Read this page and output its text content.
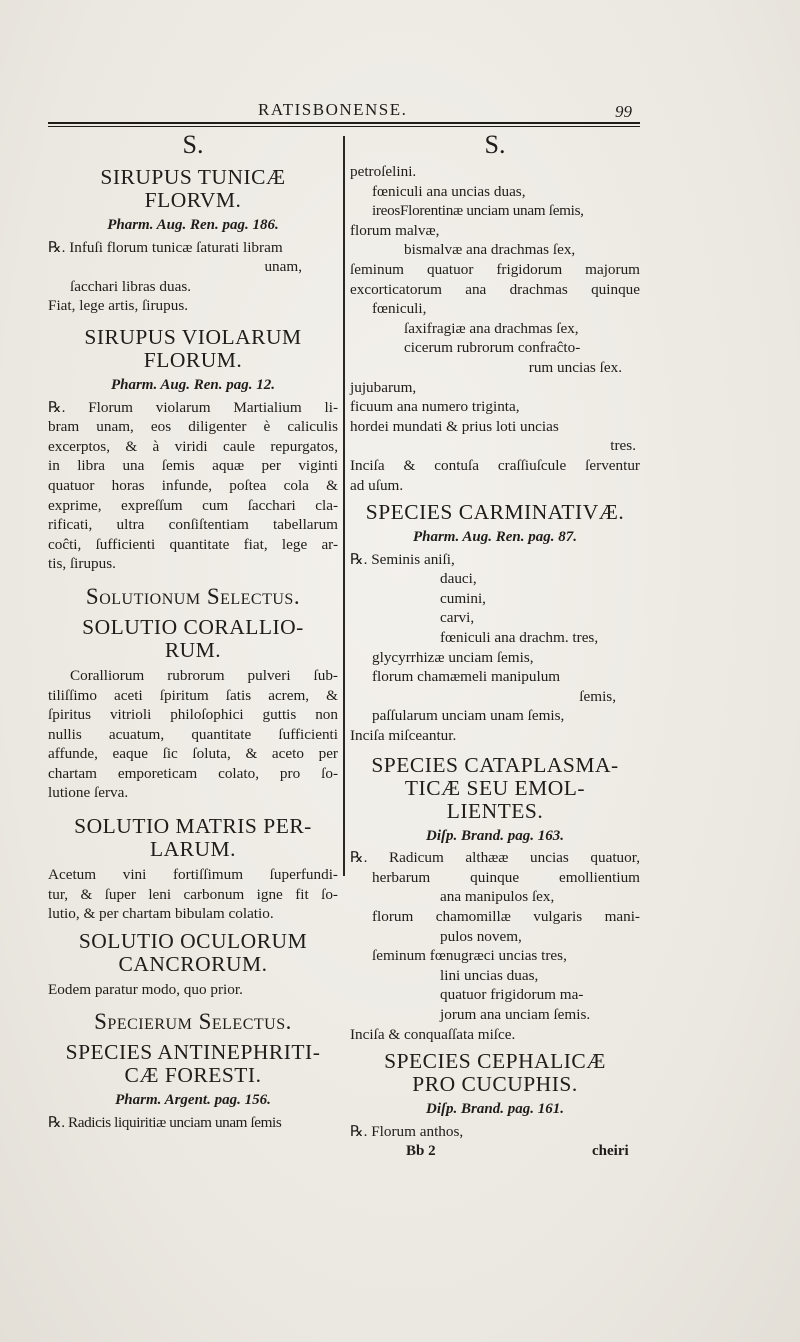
RATISBONENSE.	99
S.
SIRUPUS TUNICÆ
FLORVM.
Pharm. Aug. Ren. pag. 186.
℞. Infuſi florum tunicæ ſaturati libram
unam,
ſacchari libras duas.
Fiat, lege artis, ſirupus.
SIRUPUS VIOLARUM
FLORUM.
Pharm. Aug. Ren. pag. 12.
℞. Florum violarum Martialium li-
bram unam, eos diligenter è caliculis
excerptos, & à viridi caule repurgatos,
in libra una ſemis aquæ per viginti
quatuor horas infunde, poſtea cola &
exprime, expreſſum cum ſacchari cla-
rificati, ultra conſiſtentiam tabellarum
coĉti, ſufficienti quantitate fiat, lege ar-
tis, ſirupus.
Solutionum Selectus.
SOLUTIO CORALLIO-
RUM.
Coralliorum rubrorum pulveri ſub-
tiliſſimo aceti ſpiritum ſatis acrem, &
ſpiritus vitrioli philoſophici guttis non
nullis acuatum, quantitate ſufficienti
affunde, eaque ſic ſoluta, & aceto per
chartam emporeticam colato, pro ſo-
lutione ſerva.
SOLUTIO MATRIS PER-
LARUM.
Acetum vini fortiſſimum ſuperfundi-
tur, & ſuper leni carbonum igne fit ſo-
lutio, & per chartam bibulam colatio.
SOLUTIO OCULORUM
CANCRORUM.
Eodem paratur modo, quo prior.
Specierum Selectus.
SPECIES ANTINEPHRITI-
CÆ FORESTI.
Pharm. Argent. pag. 156.
℞. Radicis liquiritiæ unciam unam ſemis
S.
petroſelini.
fœniculi ana uncias duas,
ireosFlorentinæ unciam unam ſemis,
florum malvæ,
bismalvæ ana drachmas ſex,
ſeminum quatuor frigidorum majorum
excorticatorum ana drachmas quinque
fœniculi,
ſaxifragiæ ana drachmas ſex,
cicerum rubrorum confraĉto-
rum uncias ſex.
jujubarum,
ficuum ana numero triginta,
hordei mundati & prius loti uncias
tres.
Inciſa & contuſa craſſiuſcule ſerventur
ad uſum.
SPECIES CARMINATIVÆ.
Pharm. Aug. Ren. pag. 87.
℞. Seminis aniſi,
dauci,
cumini,
carvi,
fœniculi ana drachm. tres,
glycyrrhizæ unciam ſemis,
florum chamæmeli manipulum
ſemis,
paſſularum unciam unam ſemis,
Inciſa miſceantur.
SPECIES CATAPLASMA-
TICÆ SEU EMOL-
LIENTES.
Diſp. Brand. pag. 163.
℞. Radicum althææ uncias quatuor,
herbarum quinque emollientium
ana manipulos ſex,
florum chamomillæ vulgaris mani-
pulos novem,
ſeminum fœnugræci uncias tres,
lini uncias duas,
quatuor frigidorum ma-
jorum ana unciam ſemis.
Inciſa & conquaſſata miſce.
SPECIES CEPHALICÆ
PRO CUCUPHIS.
Diſp. Brand. pag. 161.
℞. Florum anthos,
Bb 2	cheiri
